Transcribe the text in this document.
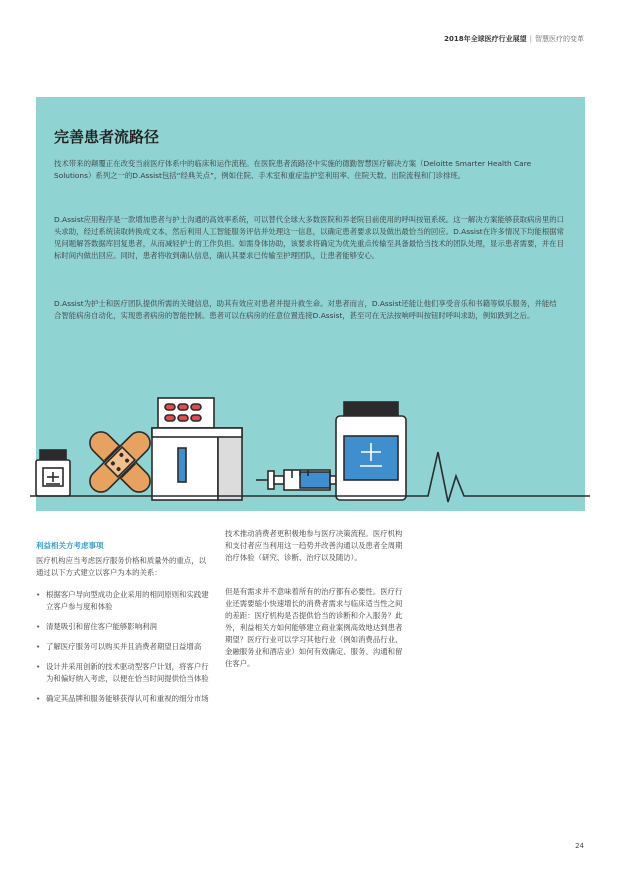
2018年全球医疗行业展望 | 智慧医疗的变革
完善患者流路径

技术带来的颠覆正在改变当前医疗体系中的临床和运作流程。在医院患者流路径中实施的德勤智慧医疗解决方案（Deloitte Smarter Health Care Solutions）系列之一的D.Assist包括“经典关点”，例如住院、手术室和重症监护室利用率、住院天数、出院流程和门诊排班。

D.Assist应用程序是一款增加患者与护士沟通的高效率系统，可以替代全球大多数医院和养老院目前使用的呼叫按钮系统。这一解决方案能够获取病房里的口头求助，经过系统读取转换成文本，然后利用人工智能服务评估并处理这一信息，以确定患者要求以及做出最恰当的回应。D.Assist在许多情况下均能根据常见问题解答数据库回复患者，从而减轻护士的工作负担。如需身体协助，该要求将确定为优先重点传输至具备最恰当技术的团队处理，显示患者需要，并在目标时间内做出回应。同时，患者将收到确认信息，确认其要求已传输至护理团队，让患者能够安心。

D.Assist为护士和医疗团队提供所需的关键信息，助其有效应对患者并提升救生命。对患者而言，D.Assist还能让他们享受音乐和书籍等娱乐服务，并能结合智能病房自动化，实现患者病房的智能控制。患者可以在病房的任意位置连接D.Assist，甚至可在无法按响呼叫按钮时呼叫求助，例如跌到之后。

利益相关方考虑事项

医疗机构应当考虑医疗服务价格和质量外的重点，以通过以下方式建立以客户为本的关系：

• 根据客户导向型成功企业采用的相同原则和实践建立客户参与度和体验
• 清楚吸引和留住客户能够影响利润
• 了解医疗服务可以购买并且消费者期望日益增高
• 设计并采用创新的技术驱动型客户计划，将客户行为和偏好纳入考虑，以便在恰当时间提供恰当体验
• 确定其品牌和服务能够获得认可和重视的细分市场

技术推动消费者更积极地参与医疗决策流程。医疗机构和支付者应当利用这一趋势并改善沟通以及患者全周期治疗体验（研究、诊断、治疗以及随访）。

但是有需求并不意味着所有的治疗都有必要性。医疗行业还需要缩小快速增长的消费者需求与临床适当性之间的差距：医疗机构是否提供恰当的诊断和介入服务？此外，利益相关方如何能够建立商业案例高效地达到患者期望？医疗行业可以学习其他行业（例如消费品行业、金融服务业和酒店业）如何有效确定、服务、沟通和留住客户。

24
